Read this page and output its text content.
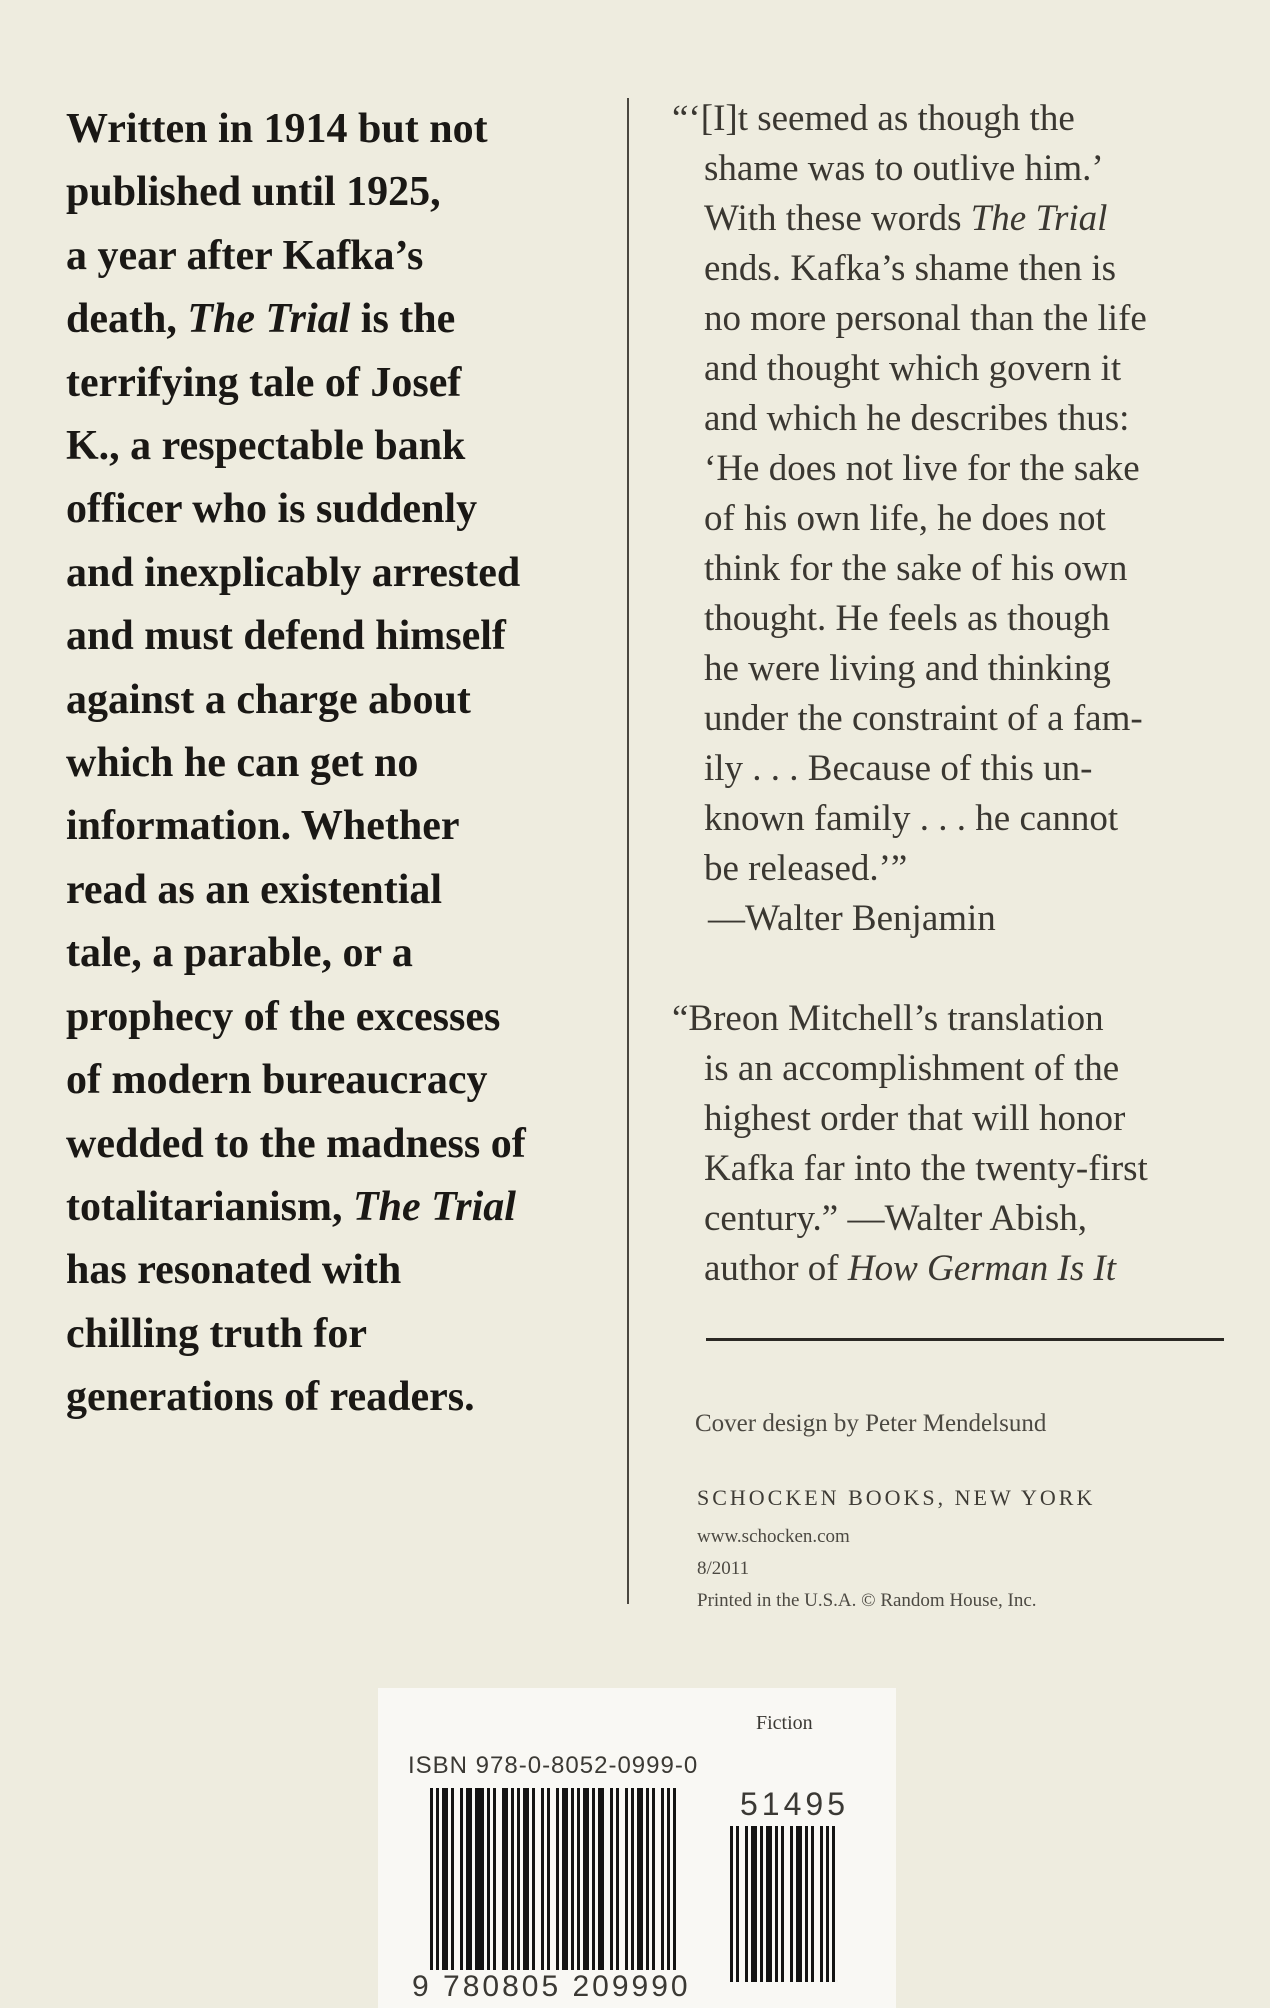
Written in 1914 but not
published until 1925,
a year after Kafka’s
death, The Trial is the
terrifying tale of Josef
K., a respectable bank
officer who is suddenly
and inexplicably arrested
and must defend himself
against a charge about
which he can get no
information. Whether
read as an existential
tale, a parable, or a
prophecy of the excesses
of modern bureaucracy
wedded to the madness of
totalitarianism, The Trial
has resonated with
chilling truth for
generations of readers.
“‘[I]t seemed as though the
shame was to outlive him.’
With these words The Trial
ends. Kafka’s shame then is
no more personal than the life
and thought which govern it
and which he describes thus:
‘He does not live for the sake
of his own life, he does not
think for the sake of his own
thought. He feels as though
he were living and thinking
under the constraint of a fam-
ily . . . Because of this un-
known family . . . he cannot
be released.’”
—Walter Benjamin
“Breon Mitchell’s translation
is an accomplishment of the
highest order that will honor
Kafka far into the twenty-first
century.” —Walter Abish,
author of How German Is It
Cover design by Peter Mendelsund
SCHOCKEN BOOKS, NEW YORK
www.schocken.com
8/2011
Printed in the U.S.A. © Random House, Inc.
Fiction
ISBN 978-0-8052-0999-0
51495
9 780805 209990
